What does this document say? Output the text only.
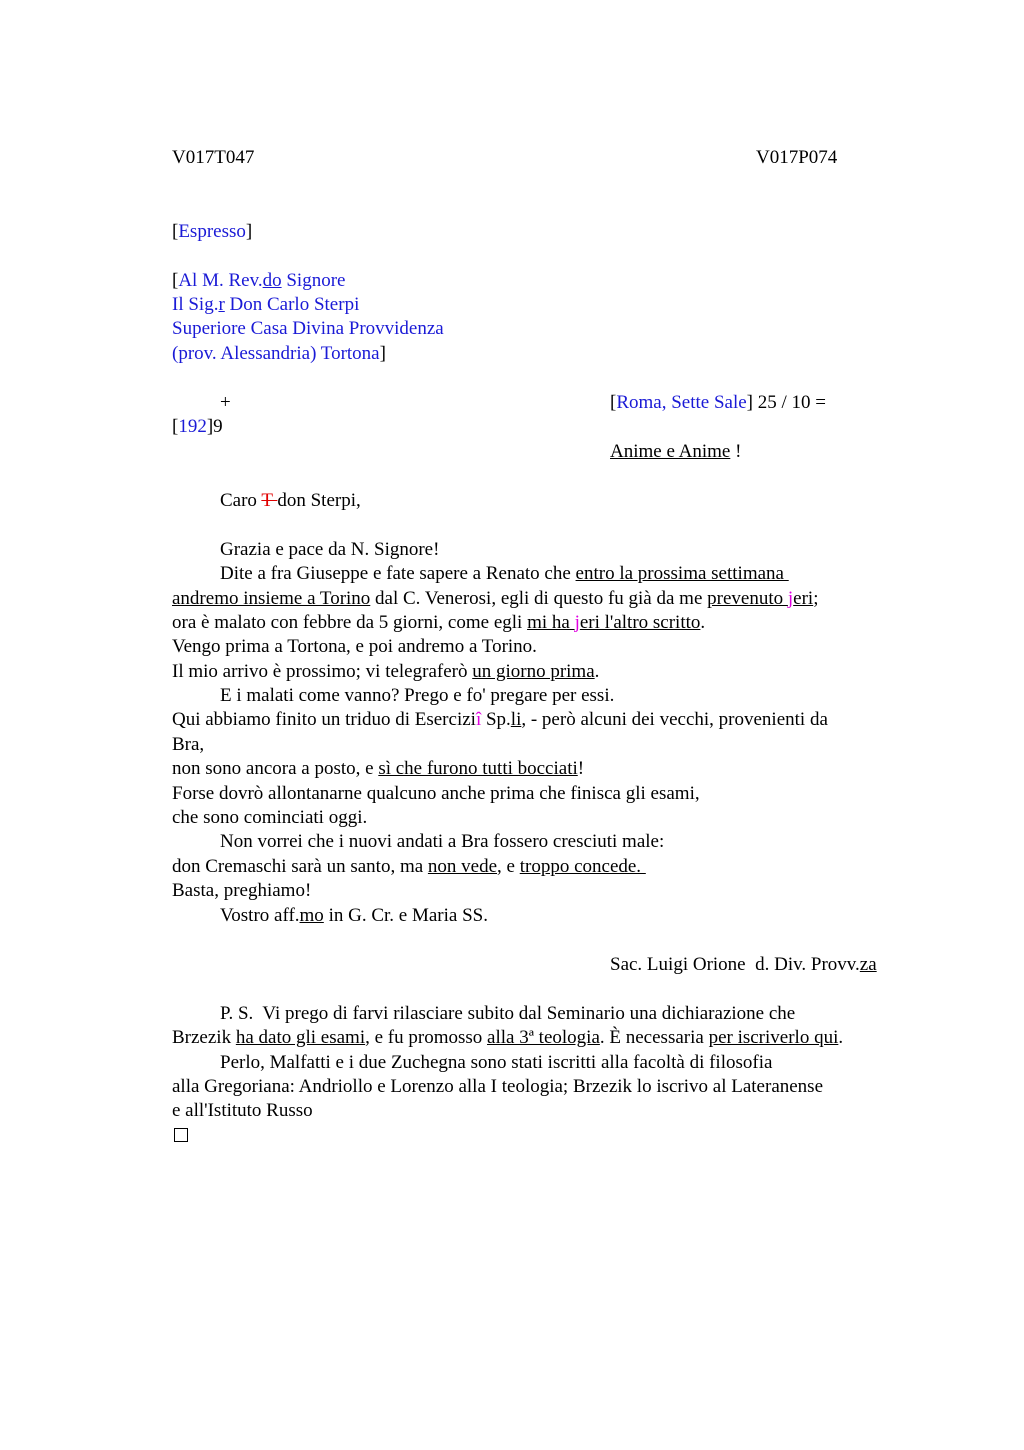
V017T047	V017P074
[Espresso]
[Al M. Rev.do Signore
Il Sig.r Don Carlo Sterpi
Superiore Casa Divina Provvidenza
(prov. Alessandria) Tortona]
+	[Roma, Sette Sale] 25 / 10 =
[192]9
Animе e Anime !
Caro T don Sterpi,
Grazia e pace da N. Signore!
Dite a fra Giuseppe e fate sapere a Renato che entro la prossima settimana
andremo insieme a Torino dal C. Venerosi, egli di questo fu già da me prevenuto jeri;
ora è malato con febbre da 5 giorni, come egli mi ha jeri l'altro scritto.
Vengo prima a Tortona, e poi andremo a Torino.
Il mio arrivo è prossimo; vi telegraferò un giorno prima.
E i malati come vanno? Prego e fo' pregare per essi.
Qui abbiamo finito un triduo di Eserciziî Sp.li, - però alcuni dei vecchi, provenienti da
Bra,
non sono ancora a posto, e sì che furono tutti bocciati!
Forse dovrò allontanarne qualcuno anche prima che finisca gli esami,
che sono cominciati oggi.
Non vorrei che i nuovi andati a Bra fossero cresciuti male:
don Cremaschi sarà un santo, ma non vede, e troppo concede.
Basta, preghiamo!
Vostro aff.mo in G. Cr. e Maria SS.
Sac. Luigi Orione  d. Div. Provv.za
P. S.  Vi prego di farvi rilasciare subito dal Seminario una dichiarazione che
Brzezik ha dato gli esami, e fu promosso alla 3ª teologia. È necessaria per iscriverlo qui.
Perlo, Malfatti e i due Zuchegna sono stati iscritti alla facoltà di filosofia
alla Gregoriana: Andriollo e Lorenzo alla I teologia; Brzezik lo iscrivo al Lateranense
e all'Istituto Russo
